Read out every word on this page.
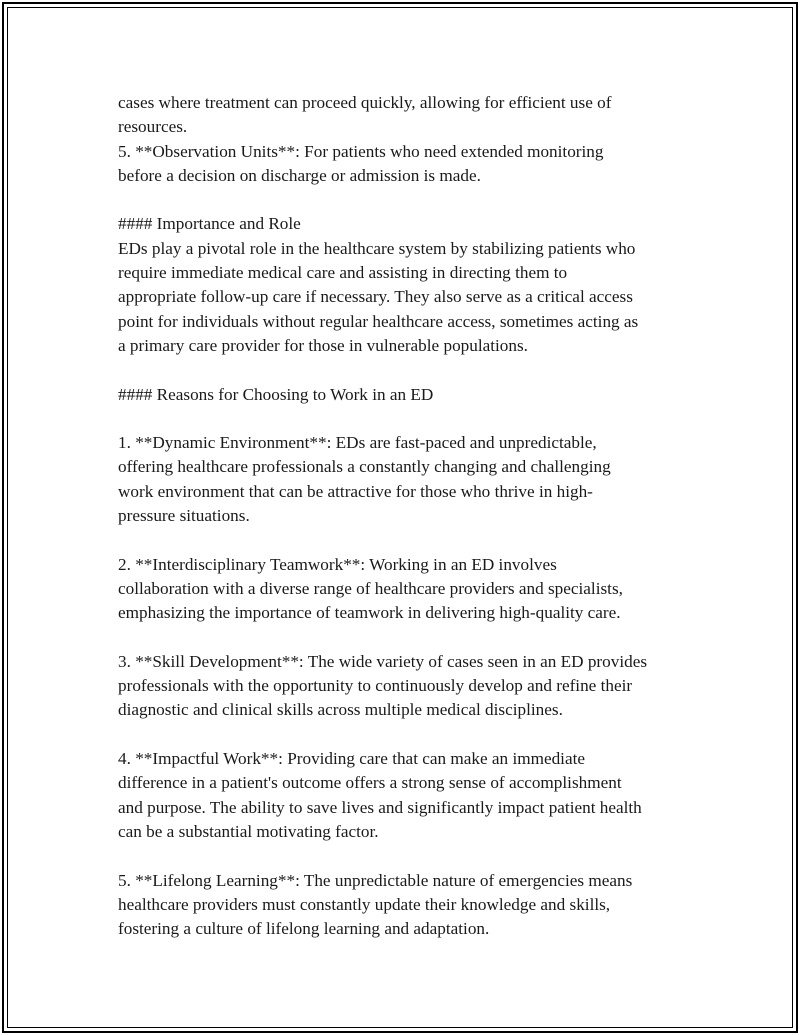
cases where treatment can proceed quickly, allowing for efficient use of

resources.

5. **Observation Units**: For patients who need extended monitoring

before a decision on discharge or admission is made.

#### Importance and Role

EDs play a pivotal role in the healthcare system by stabilizing patients who

require immediate medical care and assisting in directing them to

appropriate follow-up care if necessary. They also serve as a critical access

point for individuals without regular healthcare access, sometimes acting as

a primary care provider for those in vulnerable populations.

#### Reasons for Choosing to Work in an ED

1. **Dynamic Environment**: EDs are fast-paced and unpredictable,

offering healthcare professionals a constantly changing and challenging

work environment that can be attractive for those who thrive in high-

pressure situations.

2. **Interdisciplinary Teamwork**: Working in an ED involves

collaboration with a diverse range of healthcare providers and specialists,

emphasizing the importance of teamwork in delivering high-quality care.

3. **Skill Development**: The wide variety of cases seen in an ED provides

professionals with the opportunity to continuously develop and refine their

diagnostic and clinical skills across multiple medical disciplines.

4. **Impactful Work**: Providing care that can make an immediate

difference in a patient's outcome offers a strong sense of accomplishment

and purpose. The ability to save lives and significantly impact patient health

can be a substantial motivating factor.

5. **Lifelong Learning**: The unpredictable nature of emergencies means

healthcare providers must constantly update their knowledge and skills,

fostering a culture of lifelong learning and adaptation.
